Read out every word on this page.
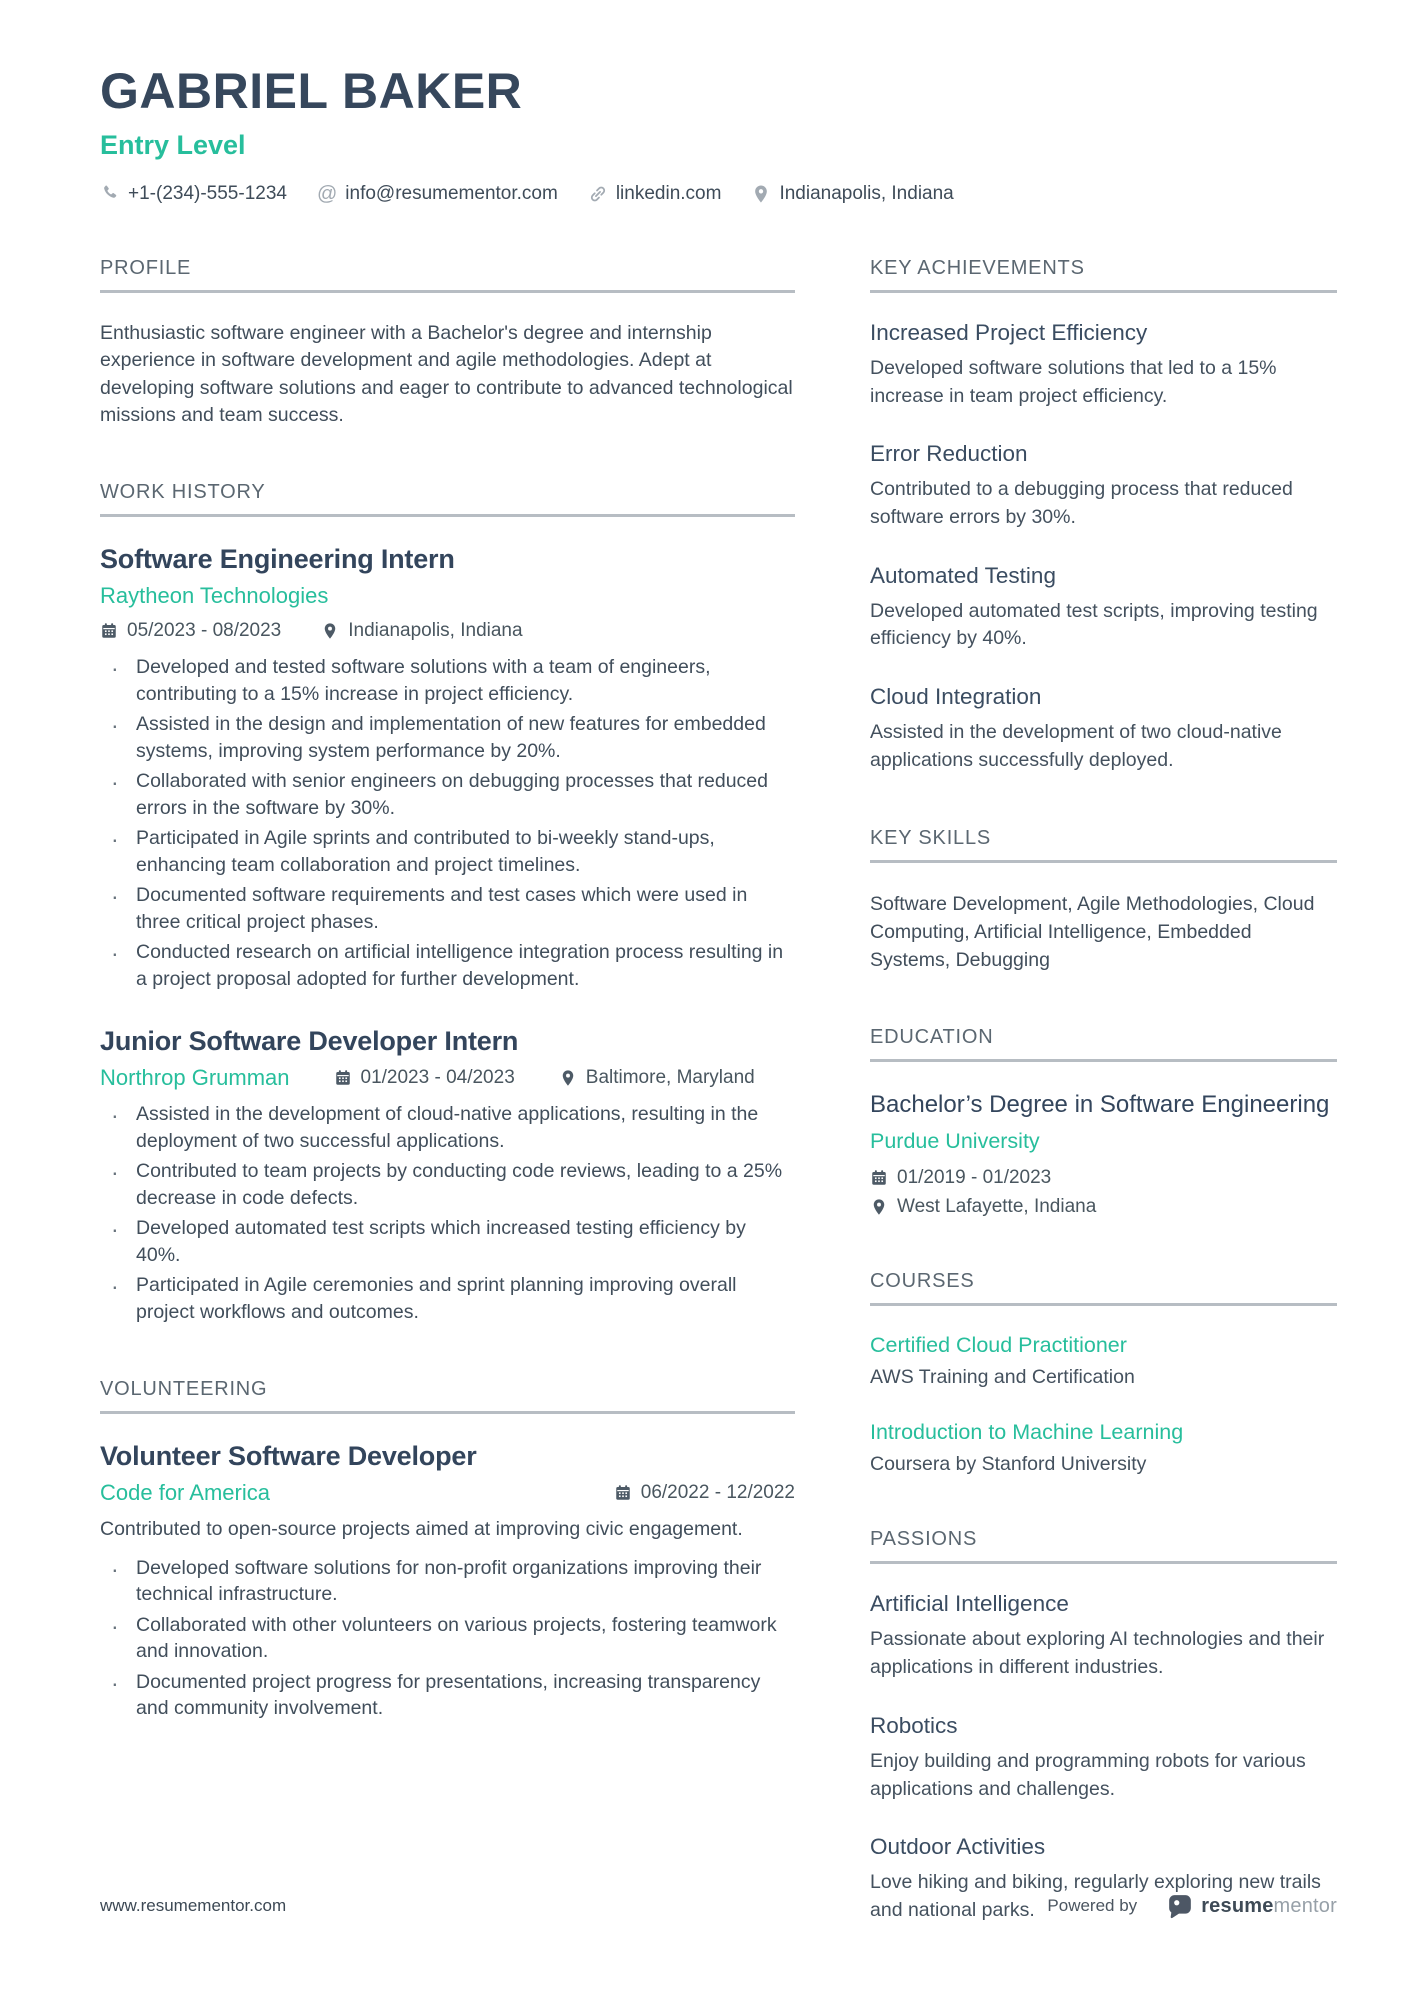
GABRIEL BAKER
Entry Level
+1-(234)-555-1234 @ info@resumementor.com	linkedin.com	Indianapolis, Indiana
PROFILE
Enthusiastic software engineer with a Bachelor's degree and internship experience in software development and agile methodologies. Adept at developing software solutions and eager to contribute to advanced technological missions and team success.
WORK HISTORY
Software Engineering Intern
Raytheon Technologies
05/2023 - 08/2023	Indianapolis, Indiana
· Developed and tested software solutions with a team of engineers, contributing to a 15% increase in project efficiency.
· Assisted in the design and implementation of new features for embedded systems, improving system performance by 20%.
· Collaborated with senior engineers on debugging processes that reduced errors in the software by 30%.
· Participated in Agile sprints and contributed to bi-weekly stand-ups, enhancing team collaboration and project timelines.
· Documented software requirements and test cases which were used in three critical project phases.
· Conducted research on artificial intelligence integration process resulting in a project proposal adopted for further development.
Junior Software Developer Intern
Northrop Grumman	01/2023 - 04/2023	Baltimore, Maryland
· Assisted in the development of cloud-native applications, resulting in the deployment of two successful applications.
· Contributed to team projects by conducting code reviews, leading to a 25% decrease in code defects.
· Developed automated test scripts which increased testing efficiency by 40%.
· Participated in Agile ceremonies and sprint planning improving overall project workflows and outcomes.
VOLUNTEERING
Volunteer Software Developer
Code for America	06/2022 - 12/2022
Contributed to open-source projects aimed at improving civic engagement.
· Developed software solutions for non-profit organizations improving their technical infrastructure.
· Collaborated with other volunteers on various projects, fostering teamwork and innovation.
· Documented project progress for presentations, increasing transparency and community involvement.
KEY ACHIEVEMENTS
Increased Project Efficiency
Developed software solutions that led to a 15% increase in team project efficiency.
Error Reduction
Contributed to a debugging process that reduced software errors by 30%.
Automated Testing
Developed automated test scripts, improving testing efficiency by 40%.
Cloud Integration
Assisted in the development of two cloud-native applications successfully deployed.
KEY SKILLS
Software Development, Agile Methodologies, Cloud Computing, Artificial Intelligence, Embedded Systems, Debugging
EDUCATION
Bachelor’s Degree in Software Engineering
Purdue University
01/2019 - 01/2023
West Lafayette, Indiana
COURSES
Certified Cloud Practitioner
AWS Training and Certification
Introduction to Machine Learning
Coursera by Stanford University
PASSIONS
Artificial Intelligence
Passionate about exploring AI technologies and their applications in different industries.
Robotics
Enjoy building and programming robots for various applications and challenges.
Outdoor Activities
Love hiking and biking, regularly exploring new trails and national parks.
www.resumementor.com	Powered by	resumementor
